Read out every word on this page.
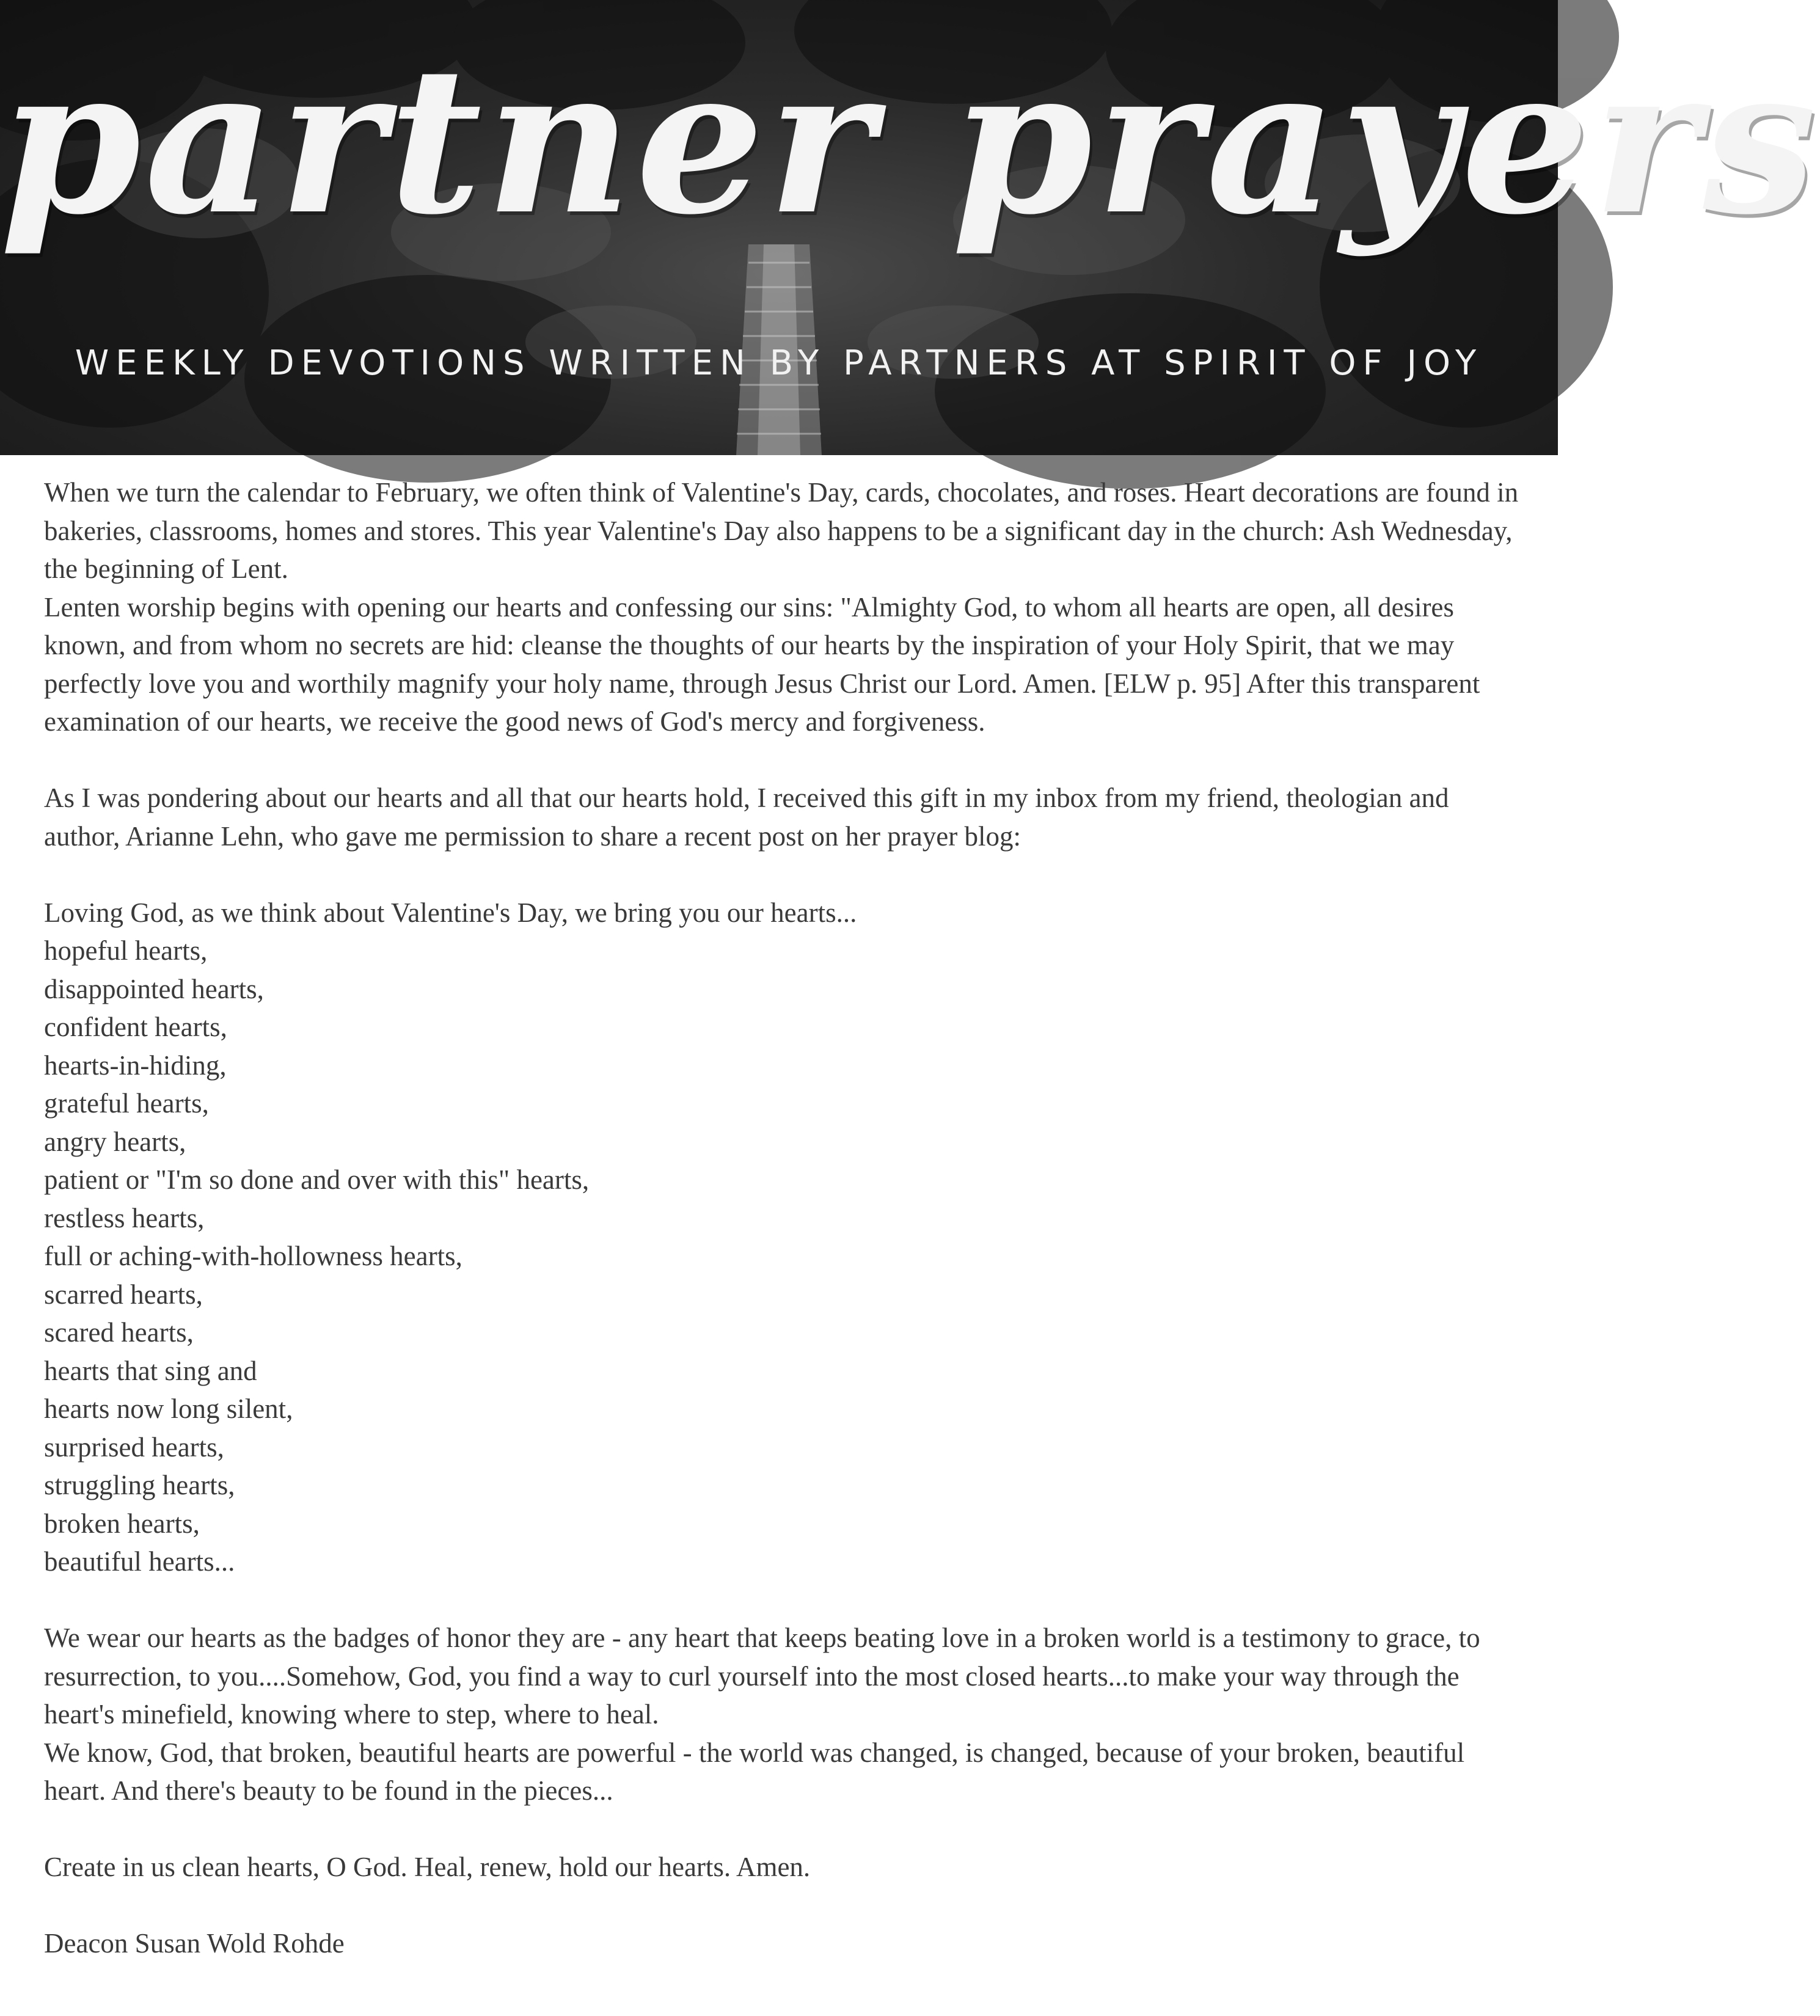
partner prayers
WEEKLY DEVOTIONS WRITTEN BY PARTNERS AT SPIRIT OF JOY

When we turn the calendar to February, we often think of Valentine's Day, cards, chocolates, and roses. Heart decorations are found in bakeries, classrooms, homes and stores. This year Valentine's Day also happens to be a significant day in the church: Ash Wednesday, the beginning of Lent.

Lenten worship begins with opening our hearts and confessing our sins: "Almighty God, to whom all hearts are open, all desires known, and from whom no secrets are hid: cleanse the thoughts of our hearts by the inspiration of your Holy Spirit, that we may perfectly love you and worthily magnify your holy name, through Jesus Christ our Lord. Amen. [ELW p. 95] After this transparent examination of our hearts, we receive the good news of God's mercy and forgiveness.

As I was pondering about our hearts and all that our hearts hold, I received this gift in my inbox from my friend, theologian and author, Arianne Lehn, who gave me permission to share a recent post on her prayer blog:

Loving God, as we think about Valentine's Day, we bring you our hearts...
hopeful hearts,
disappointed hearts,
confident hearts,
hearts-in-hiding,
grateful hearts,
angry hearts,
patient or "I'm so done and over with this" hearts,
restless hearts,
full or aching-with-hollowness hearts,
scarred hearts,
scared hearts,
hearts that sing and
hearts now long silent,
surprised hearts,
struggling hearts,
broken hearts,
beautiful hearts...

We wear our hearts as the badges of honor they are - any heart that keeps beating love in a broken world is a testimony to grace, to resurrection, to you....Somehow, God, you find a way to curl yourself into the most closed hearts...to make your way through the heart's minefield, knowing where to step, where to heal.

We know, God, that broken, beautiful hearts are powerful - the world was changed, is changed, because of your broken, beautiful heart. And there's beauty to be found in the pieces...

Create in us clean hearts, O God. Heal, renew, hold our hearts. Amen.

Deacon Susan Wold Rohde
